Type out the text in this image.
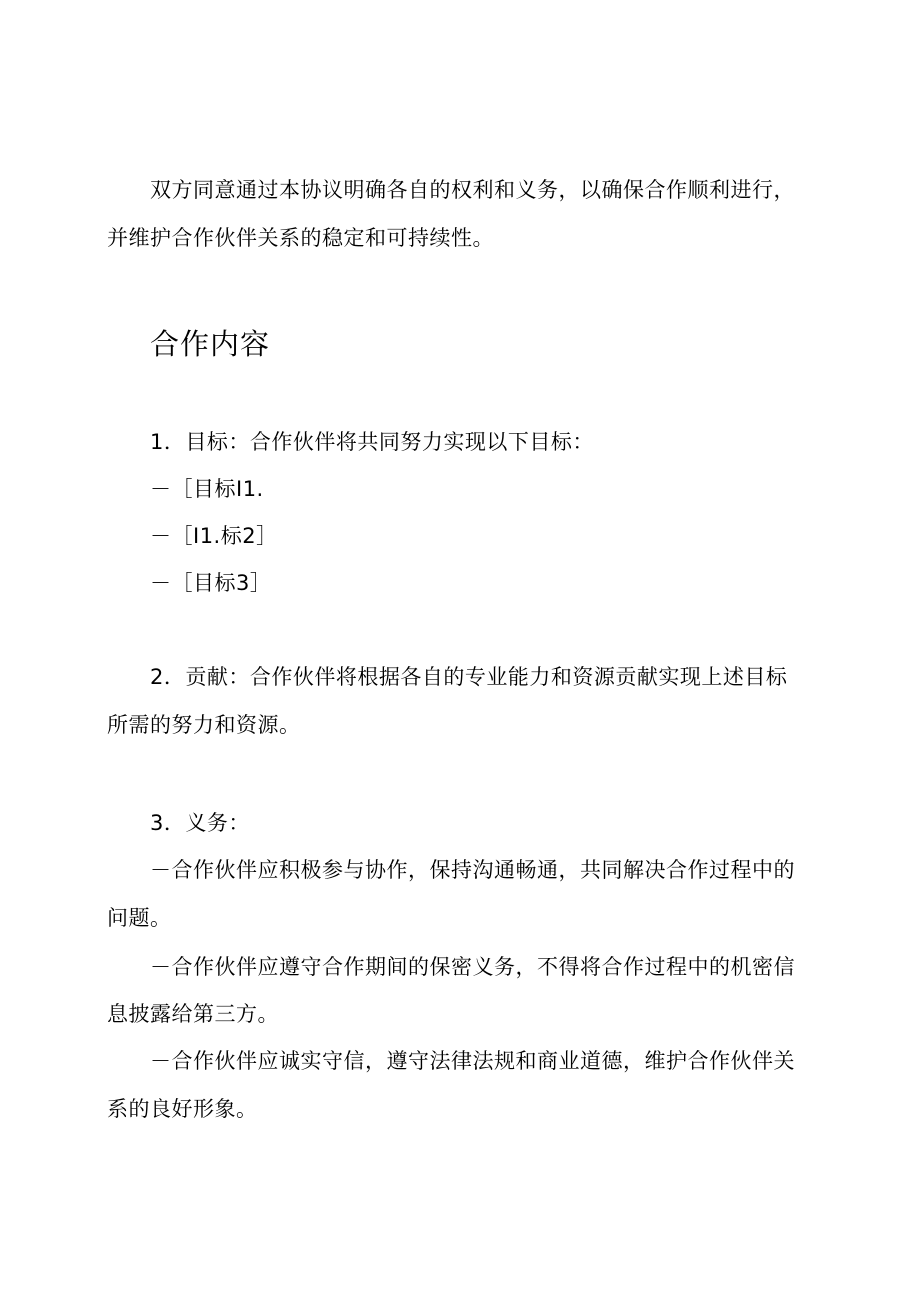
双方同意通过本协议明确各自的权利和义务，以确保合作顺利进行，
并维护合作伙伴关系的稳定和可持续性。
合作内容
1．目标：合作伙伴将共同努力实现以下目标：
－［目标I1.
－［I1.标2］
－［目标3］
2．贡献：合作伙伴将根据各自的专业能力和资源贡献实现上述目标
所需的努力和资源。
3．义务：
－合作伙伴应积极参与协作，保持沟通畅通，共同解决合作过程中的
问题。
－合作伙伴应遵守合作期间的保密义务，不得将合作过程中的机密信
息披露给第三方。
－合作伙伴应诚实守信，遵守法律法规和商业道德，维护合作伙伴关
系的良好形象。
